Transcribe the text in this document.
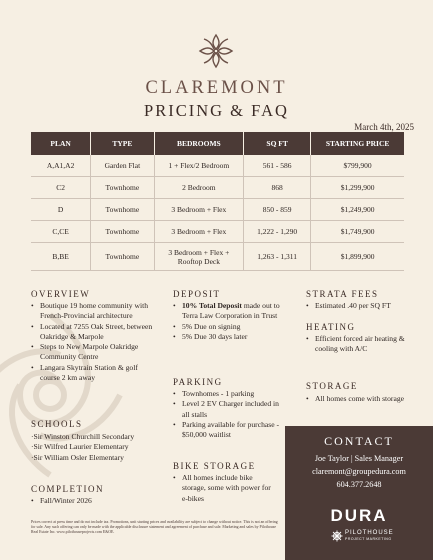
CLAREMONT
PRICING & FAQ
March 4th, 2025
PLAN	TYPE	BEDROOMS	SQ FT	STARTING PRICE
A,A1,A2	Garden Flat	1 + Flex/2 Bedroom	561 - 586	$799,900
C2	Townhome	2 Bedroom	868	$1,299,900
D	Townhome	3 Bedroom + Flex	850 - 859	$1,249,900
C,CE	Townhome	3 Bedroom + Flex	1,222 - 1,290	$1,749,900
B,BE	Townhome	3 Bedroom + Flex + Rooftop Deck	1,263 - 1,311	$1,899,900
OVERVIEW
• Boutique 19 home community with French-Provincial architecture
• Located at 7255 Oak Street, between Oakridge & Marpole
• Steps to New Marpole Oakridge Community Centre
• Langara Skytrain Station & golf course 2 km away
SCHOOLS
·Sir Winston Churchill Secondary
·Sir Wilfred Laurier Elementary
·Sir William Osler Elementary
COMPLETION
• Fall/Winter 2026
DEPOSIT
• 10% Total Deposit made out to Terra Law Corporation in Trust
• 5% Due on signing
• 5% Due 30 days later
PARKING
• Townhomes - 1 parking
• Level 2 EV Charger included in all stalls
• Parking available for purchase - $50,000 waitlist
BIKE STORAGE
• All homes include bike storage, some with power for e-bikes
STRATA FEES
• Estimated .40 per SQ FT
HEATING
• Efficient forced air heating & cooling with A/C
STORAGE
• All homes come with storage
CONTACT
Joe Taylor | Sales Manager
claremont@groupedura.com
604.377.2648
DURA
PILOTHOUSE
PROJECT MARKETING
Prices correct at press time and do not include tax. Promotions, unit starting prices and availability are subject to change without notice. This is not an offering for sale. Any such offering can only be made with the applicable disclosure statement and agreement of purchase and sale. Marketing and sales by Pilothouse Real Estate Inc. www.pilothouseprojects.com E&OE.
